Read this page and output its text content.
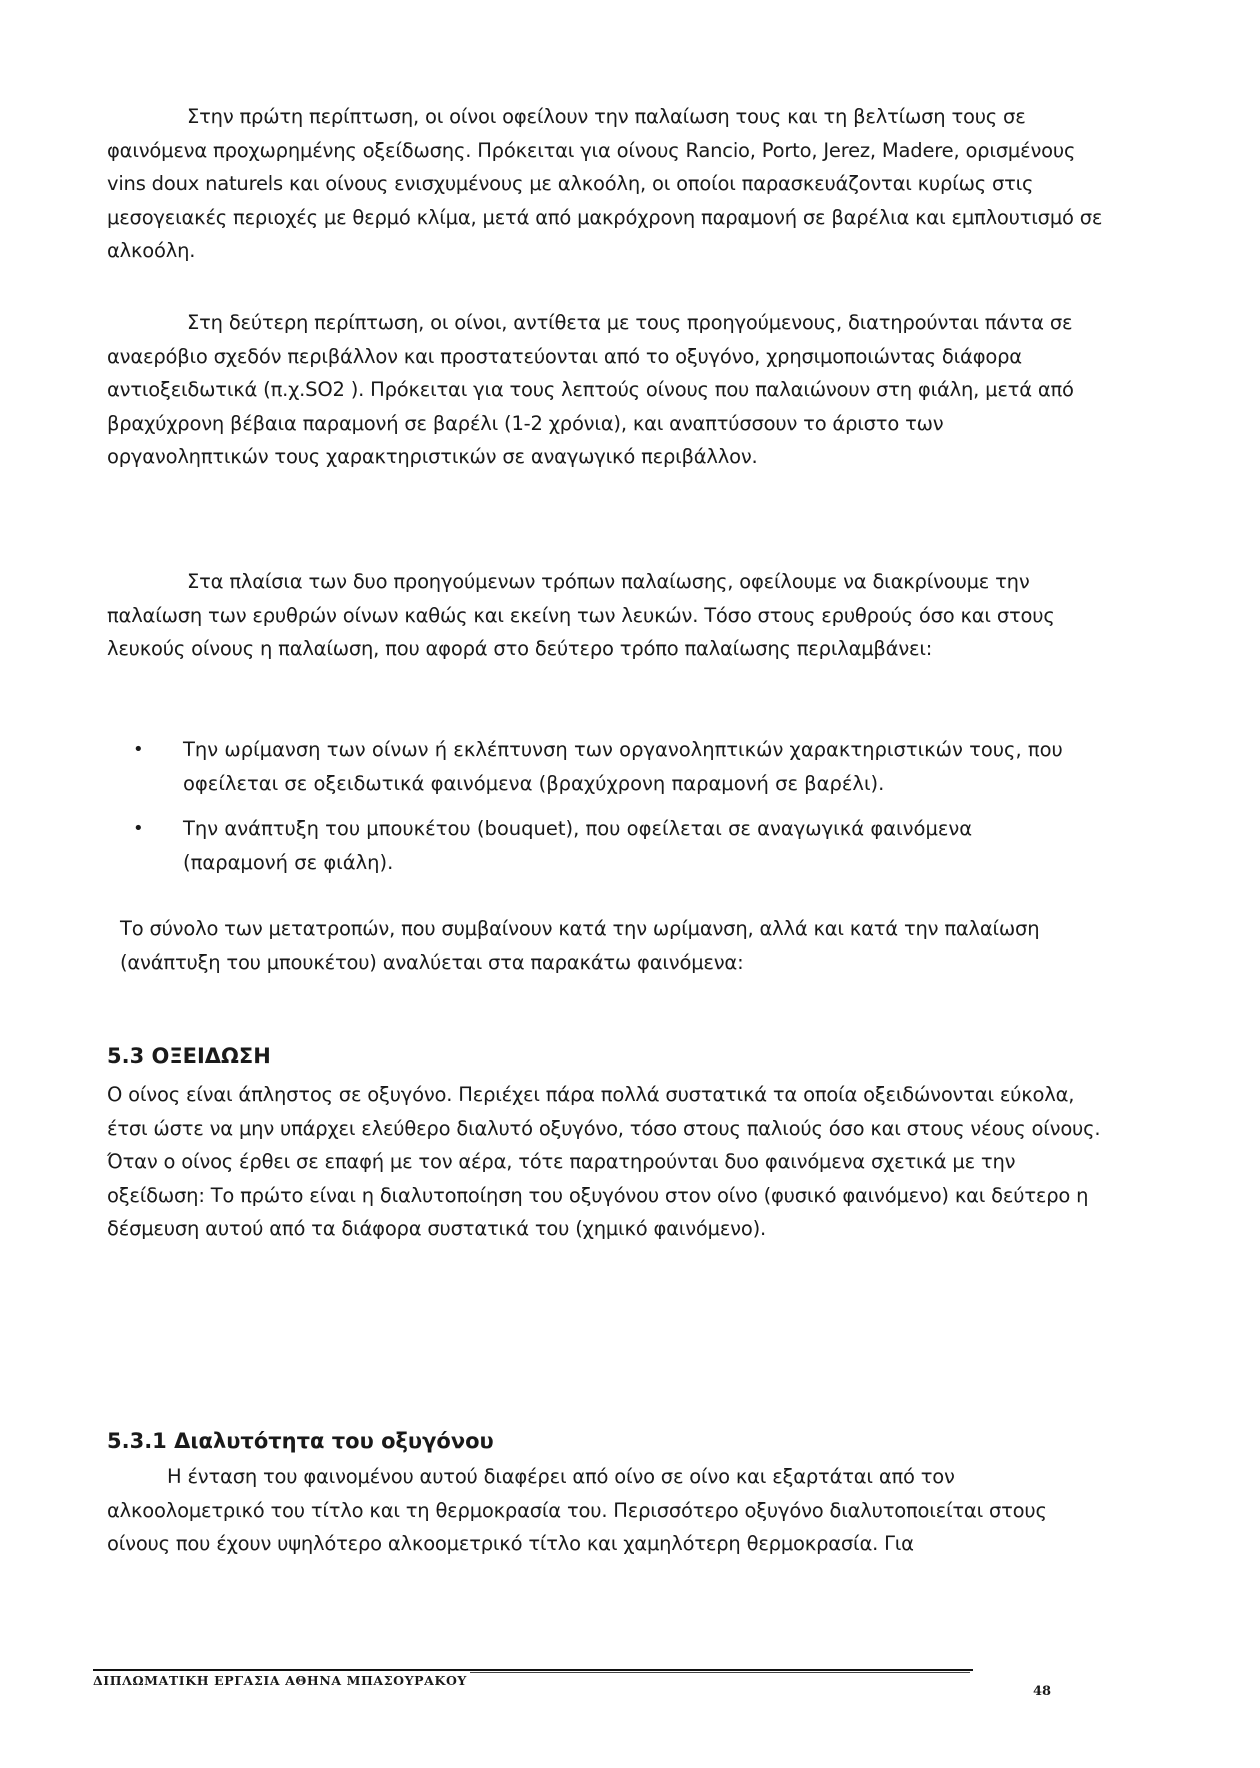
Στην πρώτη περίπτωση, οι οίνοι οφείλουν την παλαίωση τους και τη βελτίωση τους σε φαινόμενα προχωρημένης οξείδωσης. Πρόκειται για οίνους Rancio, Porto, Jerez, Madere, ορισμένους vins doux naturels και οίνους ενισχυμένους με αλκοόλη, οι οποίοι παρασκευάζονται κυρίως στις μεσογειακές περιοχές με θερμό κλίμα, μετά από μακρόχρονη παραμονή σε βαρέλια και εμπλουτισμό σε αλκοόλη.

Στη δεύτερη περίπτωση, οι οίνοι, αντίθετα με τους προηγούμενους, διατηρούνται πάντα σε αναερόβιο σχεδόν περιβάλλον και προστατεύονται από το οξυγόνο, χρησιμοποιώντας διάφορα αντιοξειδωτικά (π.χ.SO2 ). Πρόκειται για τους λεπτούς οίνους που παλαιώνουν στη φιάλη, μετά από βραχύχρονη βέβαια παραμονή σε βαρέλι (1-2 χρόνια), και αναπτύσσουν το άριστο των οργανοληπτικών τους χαρακτηριστικών σε αναγωγικό περιβάλλον.

Στα πλαίσια των δυο προηγούμενων τρόπων παλαίωσης, οφείλουμε να διακρίνουμε την παλαίωση των ερυθρών οίνων καθώς και εκείνη των λευκών. Τόσο στους ερυθρούς όσο και στους λευκούς οίνους η παλαίωση, που αφορά στο δεύτερο τρόπο παλαίωσης περιλαμβάνει:

• Την ωρίμανση των οίνων ή εκλέπτυνση των οργανοληπτικών χαρακτηριστικών τους, που οφείλεται σε οξειδωτικά φαινόμενα (βραχύχρονη παραμονή σε βαρέλι).
• Την ανάπτυξη του μπουκέτου (bouquet), που οφείλεται σε αναγωγικά φαινόμενα (παραμονή σε φιάλη).

Το σύνολο των μετατροπών, που συμβαίνουν κατά την ωρίμανση, αλλά και κατά την παλαίωση (ανάπτυξη του μπουκέτου) αναλύεται στα παρακάτω φαινόμενα:

5.3 ΟΞΕΙΔΩΣΗ

Ο οίνος είναι άπληστος σε οξυγόνο. Περιέχει πάρα πολλά συστατικά τα οποία οξειδώνονται εύκολα, έτσι ώστε να μην υπάρχει ελεύθερο διαλυτό οξυγόνο, τόσο στους παλιούς όσο και στους νέους οίνους. Όταν ο οίνος έρθει σε επαφή με τον αέρα, τότε παρατηρούνται δυο φαινόμενα σχετικά με την οξείδωση: Το πρώτο είναι η διαλυτοποίηση του οξυγόνου στον οίνο (φυσικό φαινόμενο) και δεύτερο η δέσμευση αυτού από τα διάφορα συστατικά του (χημικό φαινόμενο).

5.3.1 Διαλυτότητα του οξυγόνου

Η ένταση του φαινομένου αυτού διαφέρει από οίνο σε οίνο και εξαρτάται από τον αλκοολομετρικό του τίτλο και τη θερμοκρασία του. Περισσότερο οξυγόνο διαλυτοποιείται στους οίνους που έχουν υψηλότερο αλκοομετρικό τίτλο και χαμηλότερη θερμοκρασία. Για

ΔΙΠΛΩΜΑΤΙΚΗ ΕΡΓΑΣΙΑ ΑΘΗΝΑ ΜΠΑΣΟΥΡΑΚΟΥ
48
